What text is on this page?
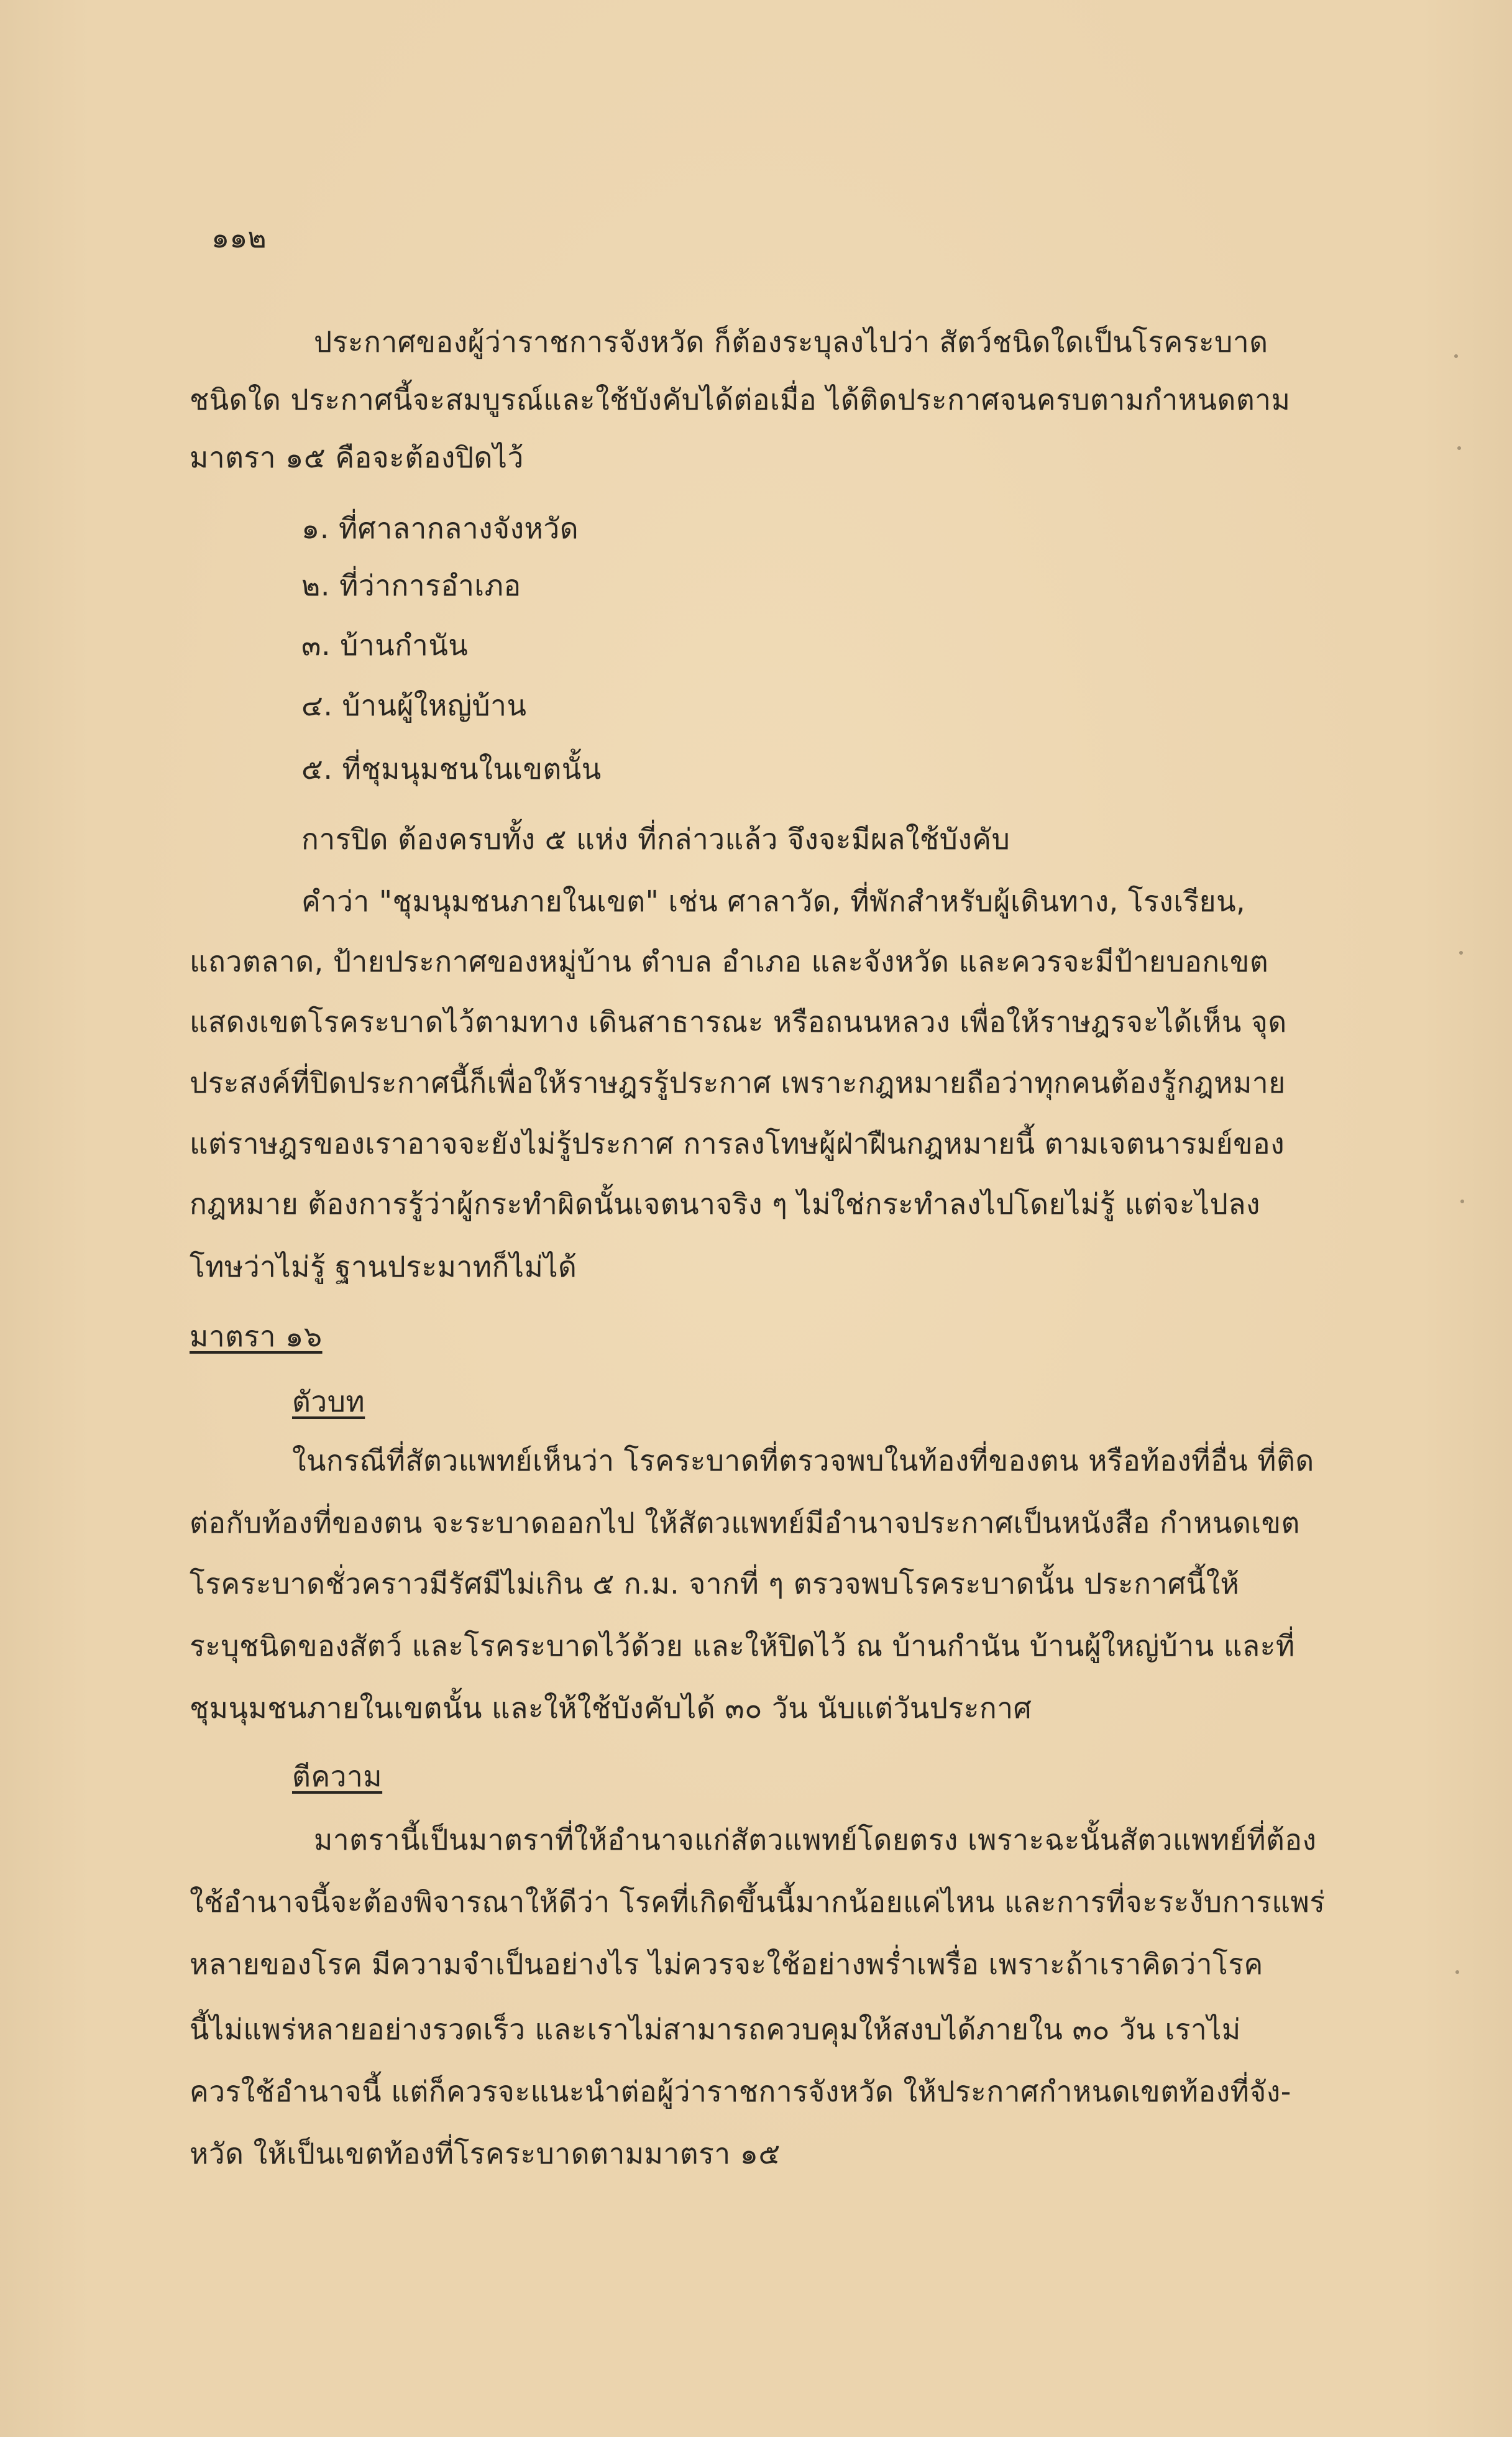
๑๑๒
ประกาศของผู้ว่าราชการจังหวัด ก็ต้องระบุลงไปว่า สัตว์ชนิดใดเป็นโรคระบาด
ชนิดใด ประกาศนี้จะสมบูรณ์และใช้บังคับได้ต่อเมื่อ ได้ติดประกาศจนครบตามกำหนดตาม
มาตรา ๑๕ คือจะต้องปิดไว้
๑. ที่ศาลากลางจังหวัด
๒. ที่ว่าการอำเภอ
๓. บ้านกำนัน
๔. บ้านผู้ใหญ่บ้าน
๕. ที่ชุมนุมชนในเขตนั้น
การปิด ต้องครบทั้ง ๕ แห่ง ที่กล่าวแล้ว จึงจะมีผลใช้บังคับ
คำว่า "ชุมนุมชนภายในเขต" เช่น ศาลาวัด, ที่พักสำหรับผู้เดินทาง, โรงเรียน,
แถวตลาด, ป้ายประกาศของหมู่บ้าน ตำบล อำเภอ และจังหวัด และควรจะมีป้ายบอกเขต
แสดงเขตโรคระบาดไว้ตามทาง เดินสาธารณะ หรือถนนหลวง เพื่อให้ราษฎรจะได้เห็น จุด
ประสงค์ที่ปิดประกาศนี้ก็เพื่อให้ราษฎรรู้ประกาศ เพราะกฎหมายถือว่าทุกคนต้องรู้กฎหมาย
แต่ราษฎรของเราอาจจะยังไม่รู้ประกาศ การลงโทษผู้ฝ่าฝืนกฎหมายนี้ ตามเจตนารมย์ของ
กฎหมาย ต้องการรู้ว่าผู้กระทำผิดนั้นเจตนาจริง ๆ ไม่ใช่กระทำลงไปโดยไม่รู้ แต่จะไปลง
โทษว่าไม่รู้ ฐานประมาทก็ไม่ได้
มาตรา ๑๖
ตัวบท
ในกรณีที่สัตวแพทย์เห็นว่า โรคระบาดที่ตรวจพบในท้องที่ของตน หรือท้องที่อื่น ที่ติด
ต่อกับท้องที่ของตน จะระบาดออกไป ให้สัตวแพทย์มีอำนาจประกาศเป็นหนังสือ กำหนดเขต
โรคระบาดชั่วคราวมีรัศมีไม่เกิน ๕ ก.ม. จากที่ ๆ ตรวจพบโรคระบาดนั้น ประกาศนี้ให้
ระบุชนิดของสัตว์ และโรคระบาดไว้ด้วย และให้ปิดไว้ ณ บ้านกำนัน บ้านผู้ใหญ่บ้าน และที่
ชุมนุมชนภายในเขตนั้น และให้ใช้บังคับได้ ๓๐ วัน นับแต่วันประกาศ
ตีความ
มาตรานี้เป็นมาตราที่ให้อำนาจแก่สัตวแพทย์โดยตรง เพราะฉะนั้นสัตวแพทย์ที่ต้อง
ใช้อำนาจนี้จะต้องพิจารณาให้ดีว่า โรคที่เกิดขึ้นนี้มากน้อยแค่ไหน และการที่จะระงับการแพร่
หลายของโรค มีความจำเป็นอย่างไร ไม่ควรจะใช้อย่างพร่ำเพรื่อ เพราะถ้าเราคิดว่าโรค
นี้ไม่แพร่หลายอย่างรวดเร็ว และเราไม่สามารถควบคุมให้สงบได้ภายใน ๓๐ วัน เราไม่
ควรใช้อำนาจนี้ แต่ก็ควรจะแนะนำต่อผู้ว่าราชการจังหวัด ให้ประกาศกำหนดเขตท้องที่จัง-
หวัด ให้เป็นเขตท้องที่โรคระบาดตามมาตรา ๑๕
